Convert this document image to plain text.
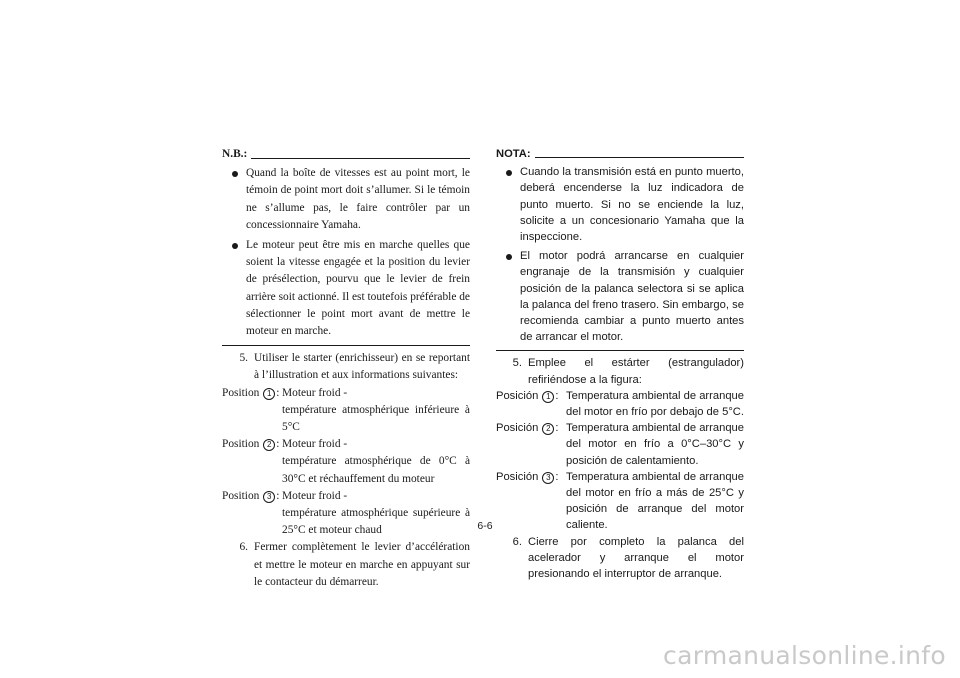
N.B.:
Quand la boîte de vitesses est au point mort, le témoin de point mort doit s’allumer. Si le témoin ne s’allume pas, le faire contrôler par un concessionnaire Yamaha.
Le moteur peut être mis en marche quelles que soient la vitesse engagée et la position du levier de présélection, pourvu que le levier de frein arrière soit actionné. Il est toutefois préférable de sélectionner le point mort avant de mettre le moteur en marche.
5. Utiliser le starter (enrichisseur) en se reportant à l’illustration et aux informations suivantes:
Position 1 : Moteur froid -
température atmosphérique inférieure à 5°C
Position 2 : Moteur froid -
température atmosphérique de 0°C à 30°C et réchauffement du moteur
Position 3 : Moteur froid -
température atmosphérique supérieure à 25°C et moteur chaud
6. Fermer complètement le levier d’accélération et mettre le moteur en marche en appuyant sur le contacteur du démarreur.
NOTA:
Cuando la transmisión está en punto muerto, deberá encenderse la luz indicadora de punto muerto. Si no se enciende la luz, solicite a un concesionario Yamaha que la inspeccione.
El motor podrá arrancarse en cualquier engranaje de la transmisión y cualquier posición de la palanca selectora si se aplica la palanca del freno trasero. Sin embargo, se recomienda cambiar a punto muerto antes de arrancar el motor.
5. Emplee el estárter (estrangulador) refiriéndose a la figura:
Posición 1 : Temperatura ambiental de arranque del motor en frío por debajo de 5°C.
Posición 2 : Temperatura ambiental de arranque del motor en frío a 0°C–30°C y posición de calentamiento.
Posición 3 : Temperatura ambiental de arranque del motor en frío a más de 25°C y posición de arranque del motor caliente.
6. Cierre por completo la palanca del acelerador y arranque el motor presionando el interruptor de arranque.
6-6
carmanualsonline.info
